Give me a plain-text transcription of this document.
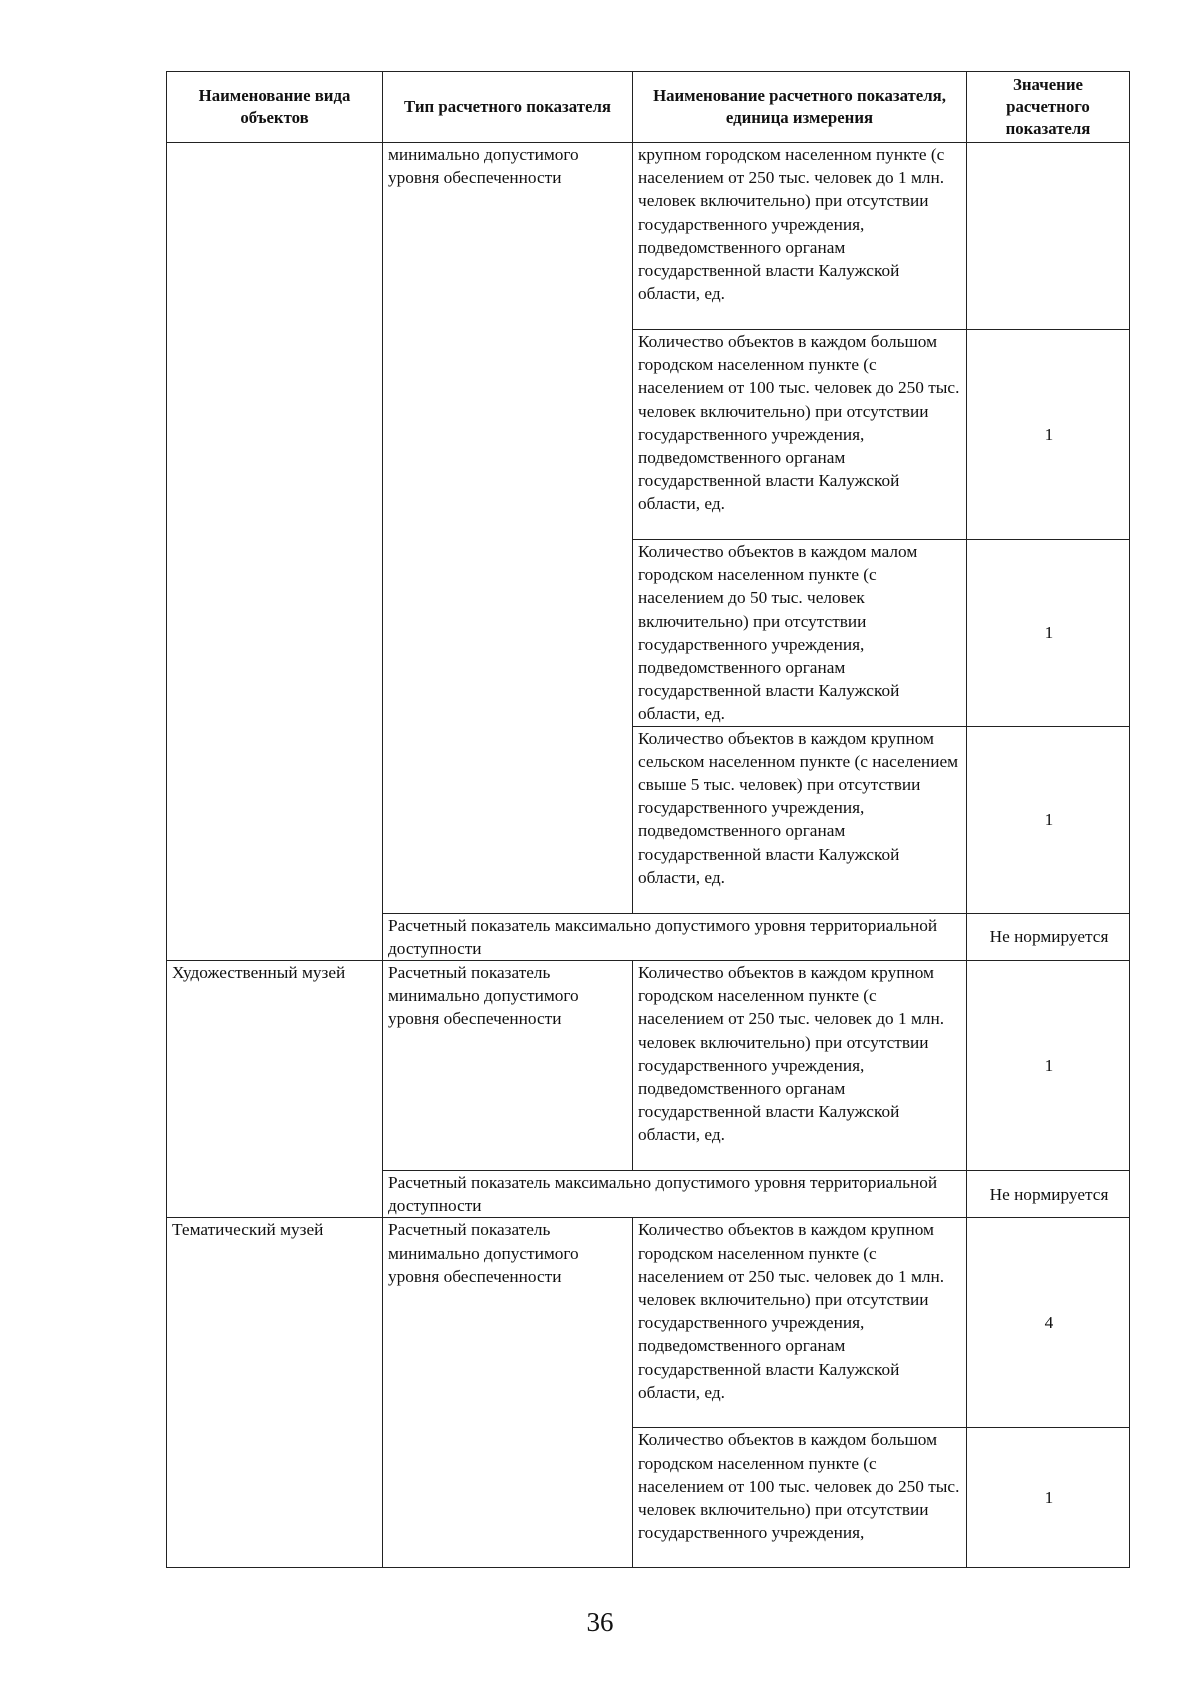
Наименование вида объектов	Тип расчетного показателя	Наименование расчетного показателя, единица измерения	Значение расчетного показателя
	минимально допустимого уровня обеспеченности	крупном городском населенном пункте (с населением от 250 тыс. человек до 1 млн. человек включительно) при отсутствии государственного учреждения, подведомственного органам государственной власти Калужской области, ед.	
		Количество объектов в каждом большом городском населенном пункте (с населением от 100 тыс. человек до 250 тыс. человек включительно) при отсутствии государственного учреждения, подведомственного органам государственной власти Калужской области, ед.	1
		Количество объектов в каждом малом городском населенном пункте (с населением до 50 тыс. человек включительно) при отсутствии государственного учреждения, подведомственного органам государственной власти Калужской области, ед.	1
		Количество объектов в каждом крупном сельском населенном пункте (с населением свыше 5 тыс. человек) при отсутствии государственного учреждения, подведомственного органам государственной власти Калужской области, ед.	1
	Расчетный показатель максимально допустимого уровня территориальной доступности		Не нормируется
Художественный музей	Расчетный показатель минимально допустимого уровня обеспеченности	Количество объектов в каждом крупном городском населенном пункте (с населением от 250 тыс. человек до 1 млн. человек включительно) при отсутствии государственного учреждения, подведомственного органам государственной власти Калужской области, ед.	1
	Расчетный показатель максимально допустимого уровня территориальной доступности		Не нормируется
Тематический музей	Расчетный показатель минимально допустимого уровня обеспеченности	Количество объектов в каждом крупном городском населенном пункте (с населением от 250 тыс. человек до 1 млн. человек включительно) при отсутствии государственного учреждения, подведомственного органам государственной власти Калужской области, ед.	4
		Количество объектов в каждом большом городском населенном пункте (с населением от 100 тыс. человек до 250 тыс. человек включительно) при отсутствии государственного учреждения,	1
36
